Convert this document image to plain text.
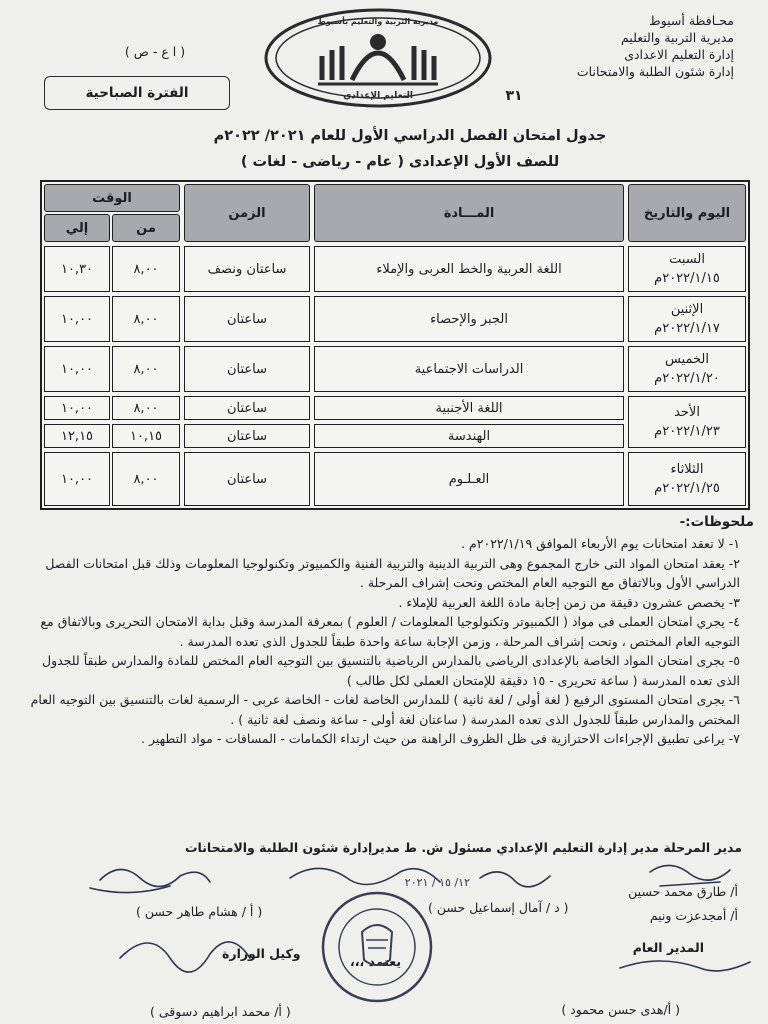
محـافظة أسيوط
مديرية التربية والتعليم
إدارة التعليم الاعدادى
إدارة شئون الطلبة والامتحانات
مديرية التربية والتعليم بأسيوط
التعليم الإعدادي
( ا ع - ص )
الفترة الصباحية	٣١
جدول امتحان الفصل الدراسي الأول للعام ٢٠٢١/ ٢٠٢٢م
للصف الأول الإعدادى ( عام - رياضى - لغات )
اليوم والتاريخ
المـــادة
الزمن
الوقت
من
إلي
السبت
٢٠٢٢/١/١٥م
اللغة العربية والخط العربى والإملاء
ساعتان ونصف
٨,٠٠
١٠,٣٠
الإثنين
٢٠٢٢/١/١٧م
الجبر والإحصاء
ساعتان
٨,٠٠
١٠,٠٠
الخميس
٢٠٢٢/١/٢٠م
الدراسات الاجتماعية
ساعتان
٨,٠٠
١٠,٠٠
الأحد
٢٠٢٢/١/٢٣م
اللغة الأجنبية
ساعتان
٨,٠٠
١٠,٠٠
الهندسة
ساعتان
١٠,١٥
١٢,١٥
الثلاثاء
٢٠٢٢/١/٢٥م
العـلـوم
ساعتان
٨,٠٠
١٠,٠٠
ملحوظات:-

١- لا تعقد امتحانات يوم الأربعاء الموافق ٢٠٢٢/١/١٩م .

٢- يعقد امتحان المواد التى خارج المجموع وهى التربية الدينية والتربية الفنية والكمبيوتر وتكنولوجيا المعلومات وذلك قبل امتحانات الفصل الدراسي الأول وبالاتفاق مع التوجيه العام المختص وتحت إشراف المرحلة .

٣- يخصص عشرون دقيقة من زمن إجابة مادة اللغة العربية للإملاء .

٤- يجري امتحان العملى فى مواد ( الكمبيوتر وتكنولوجيا المعلومات / العلوم ) بمعرفة المدرسة وقبل بداية الامتحان التحريرى وبالاتفاق مع التوجيه العام المختص ، وتحت إشراف المرحلة ، وزمن الإجابة ساعة واحدة طبقاً للجدول الذى تعده المدرسة .

٥- يجرى امتحان المواد الخاصة بالإعدادى الرياضى بالمدارس الرياضية بالتنسيق بين التوجيه العام المختص للمادة والمدارس طبقاً للجدول الذى تعده المدرسة ( ساعة تحريرى - ١٥ دقيقة للإمتحان العملى لكل طالب )

٦- يجرى امتحان المستوى الرفيع ( لغة أولى / لغة ثانية ) للمدارس الخاصة لغات - الخاصة عربى - الرسمية لغات بالتنسيق بين التوجيه العام المختص والمدارس طبقاً للجدول الذى تعده المدرسة ( ساعتان لغة أولى - ساعة ونصف لغة ثانية ) .

٧- يراعى تطبيق الإجراءات الاحترازية فى ظل الظروف الراهنة من حيث ارتداء الكمامات - المسافات - مواد التطهير .

مدير المرحلة مدير إدارة التعليم الإعدادي مسئول ش. ط مديرإدارة شئون الطلبة والامتحانات
١٢/ ١٥ / ٢٠٢١
أ/ طارق محمد حسين
أ/ أمجدعزت ونيم
( د / آمال إسماعيل حسن )
( أ / هشام طاهر حسن )
وكيل الوزارة
يعتمد ،،،
المدير العام
( أ/هدى حسن محمود )
( أ/ محمد ابراهيم دسوقى )
